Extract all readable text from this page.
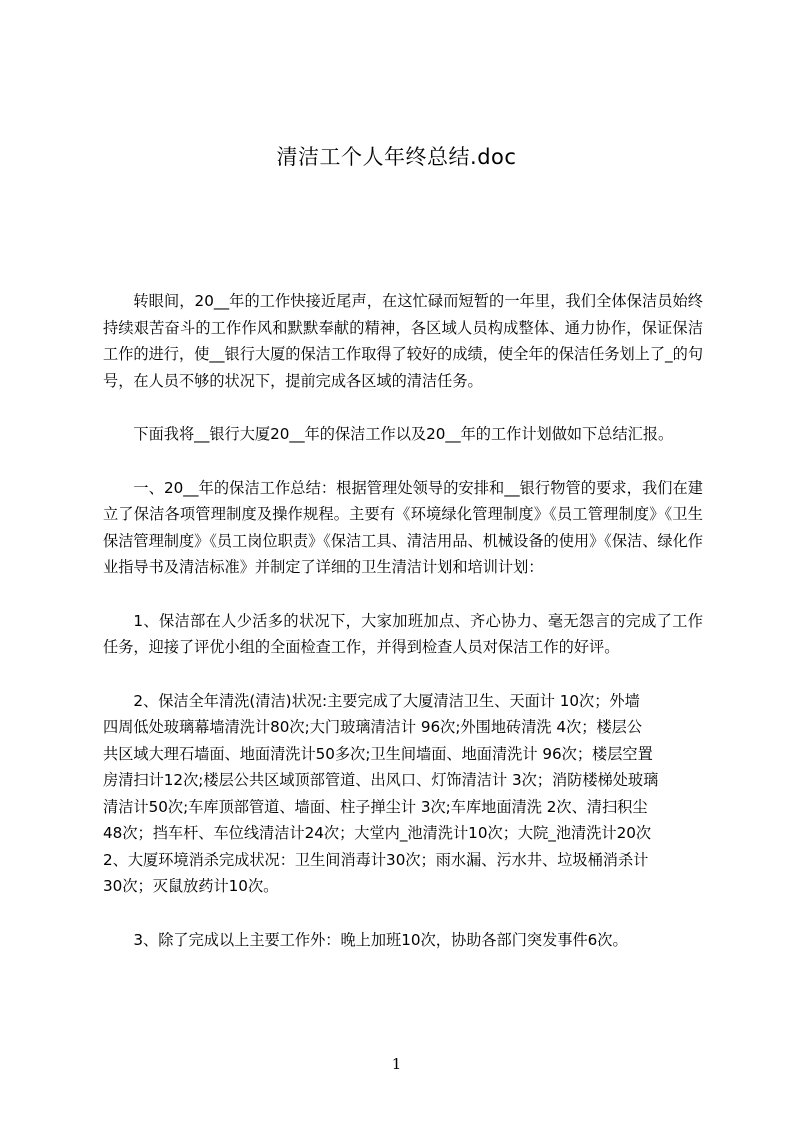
清洁工个人年终总结.doc

转眼间，20__年的工作快接近尾声，在这忙碌而短暂的一年里，我们全体保洁员始终持续艰苦奋斗的工作作风和默默奉献的精神，各区域人员构成整体、通力协作，保证保洁工作的进行，使__银行大厦的保洁工作取得了较好的成绩，使全年的保洁任务划上了_的句号，在人员不够的状况下，提前完成各区域的清洁任务。

下面我将__银行大厦20__年的保洁工作以及20__年的工作计划做如下总结汇报。

一、20__年的保洁工作总结：根据管理处领导的安排和__银行物管的要求，我们在建立了保洁各项管理制度及操作规程。主要有《环境绿化管理制度》《员工管理制度》《卫生保洁管理制度》《员工岗位职责》《保洁工具、清洁用品、机械设备的使用》《保洁、绿化作业指导书及清洁标准》并制定了详细的卫生清洁计划和培训计划：

1、保洁部在人少活多的状况下，大家加班加点、齐心协力、毫无怨言的完成了工作任务，迎接了评优小组的全面检查工作，并得到检查人员对保洁工作的好评。

2、保洁全年清洗(清洁)状况:主要完成了大厦清洁卫生、天面计 10次；外墙
四周低处玻璃幕墙清洗计80次;大门玻璃清洁计 96次;外围地砖清洗 4次；楼层公
共区域大理石墙面、地面清洗计50多次;卫生间墙面、地面清洗计 96次；楼层空置
房清扫计12次;楼层公共区域顶部管道、出风口、灯饰清洁计 3次；消防楼梯处玻璃
清洁计50次;车库顶部管道、墙面、柱子掸尘计 3次;车库地面清洗 2次、清扫积尘
48次；挡车杆、车位线清洁计24次；大堂内_池清洗计10次；大院_池清洗计20次
2、大厦环境消杀完成状况：卫生间消毒计30次；雨水漏、污水井、垃圾桶消杀计
30次；灭鼠放药计10次。

3、除了完成以上主要工作外：晚上加班10次，协助各部门突发事件6次。

1
